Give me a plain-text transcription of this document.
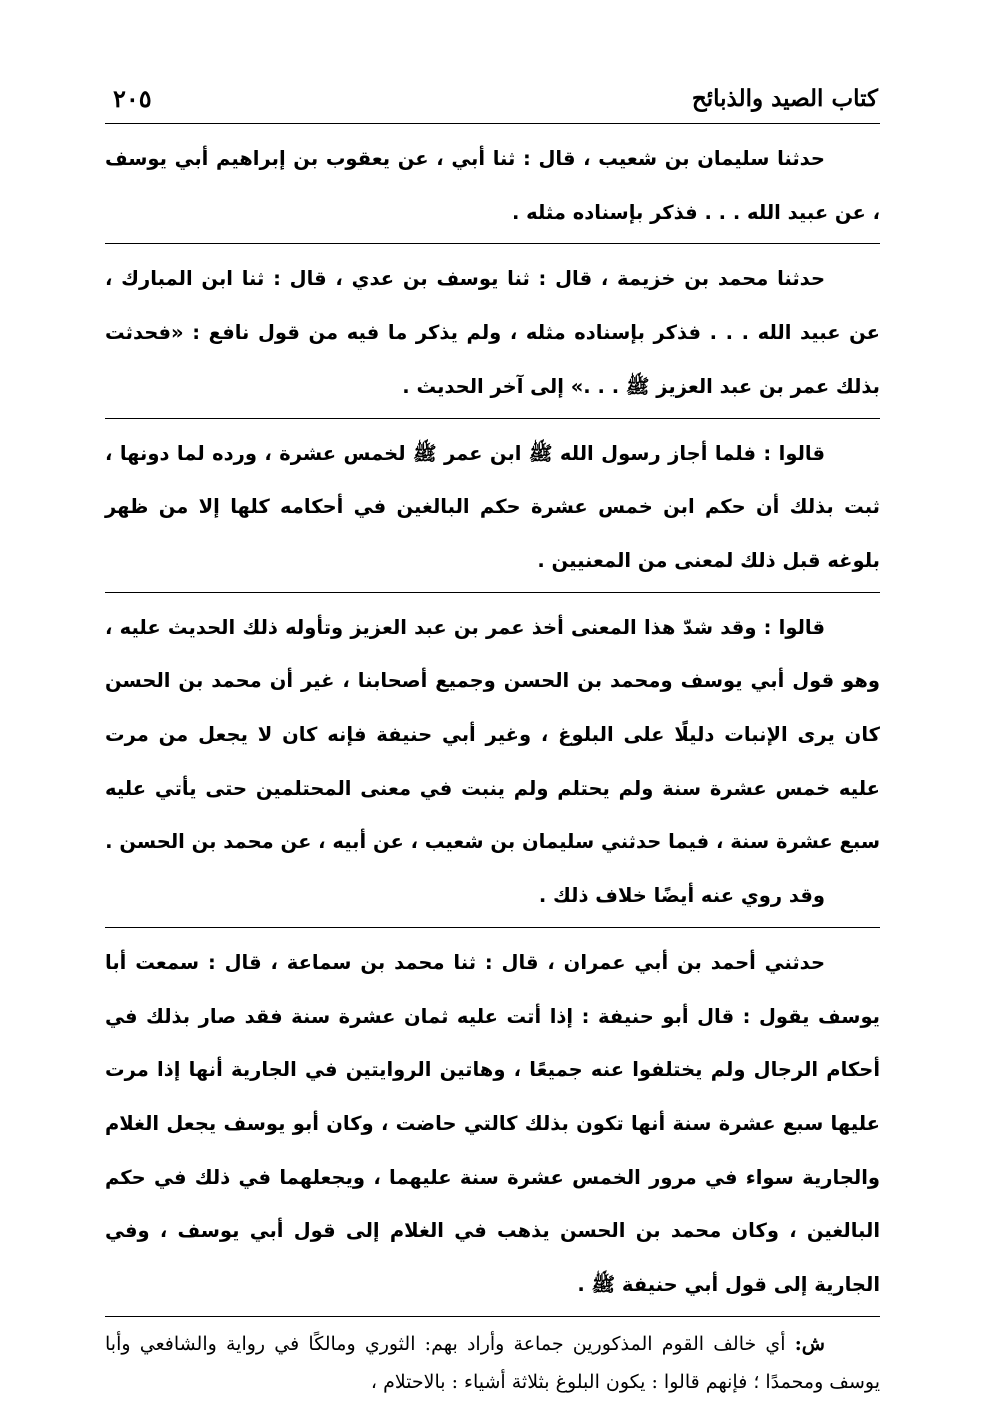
كتاب الصيد والذبائح
٢٠٥

حدثنا سليمان بن شعيب ، قال : ثنا أبي ، عن يعقوب بن إبراهيم أبي يوسف ، عن عبيد الله . . . فذكر بإسناده مثله .

حدثنا محمد بن خزيمة ، قال : ثنا يوسف بن عدي ، قال : ثنا ابن المبارك ، عن عبيد الله . . . فذكر بإسناده مثله ، ولم يذكر ما فيه من قول نافع : «فحدثت بذلك عمر بن عبد العزيز ﷺ . . .» إلى آخر الحديث .

قالوا : فلما أجاز رسول الله ﷺ ابن عمر ﷺ لخمس عشرة ، ورده لما دونها ، ثبت بذلك أن حكم ابن خمس عشرة حكم البالغين في أحكامه كلها إلا من ظهر بلوغه قبل ذلك لمعنى من المعنيين .

قالوا : وقد شدّ هذا المعنى أخذ عمر بن عبد العزيز وتأوله ذلك الحديث عليه ، وهو قول أبي يوسف ومحمد بن الحسن وجميع أصحابنا ، غير أن محمد بن الحسن كان يرى الإنبات دليلًا على البلوغ ، وغير أبي حنيفة فإنه كان لا يجعل من مرت عليه خمس عشرة سنة ولم يحتلم ولم ينبت في معنى المحتلمين حتى يأتي عليه سبع عشرة سنة ، فيما حدثني سليمان بن شعيب ، عن أبيه ، عن محمد بن الحسن .

وقد روي عنه أيضًا خلاف ذلك .

حدثني أحمد بن أبي عمران ، قال : ثنا محمد بن سماعة ، قال : سمعت أبا يوسف يقول : قال أبو حنيفة : إذا أتت عليه ثمان عشرة سنة فقد صار بذلك في أحكام الرجال ولم يختلفوا عنه جميعًا ، وهاتين الروايتين في الجارية أنها إذا مرت عليها سبع عشرة سنة أنها تكون بذلك كالتي حاضت ، وكان أبو يوسف يجعل الغلام والجارية سواء في مرور الخمس عشرة سنة عليهما ، ويجعلهما في ذلك في حكم البالغين ، وكان محمد بن الحسن يذهب في الغلام إلى قول أبي يوسف ، وفي الجارية إلى قول أبي حنيفة ﷺ .

ش: أي خالف القوم المذكورين جماعة وأراد بهم: الثوري ومالكًا في رواية والشافعي وأبا يوسف ومحمدًا ؛ فإنهم قالوا : يكون البلوغ بثلاثة أشياء : بالاحتلام ،
